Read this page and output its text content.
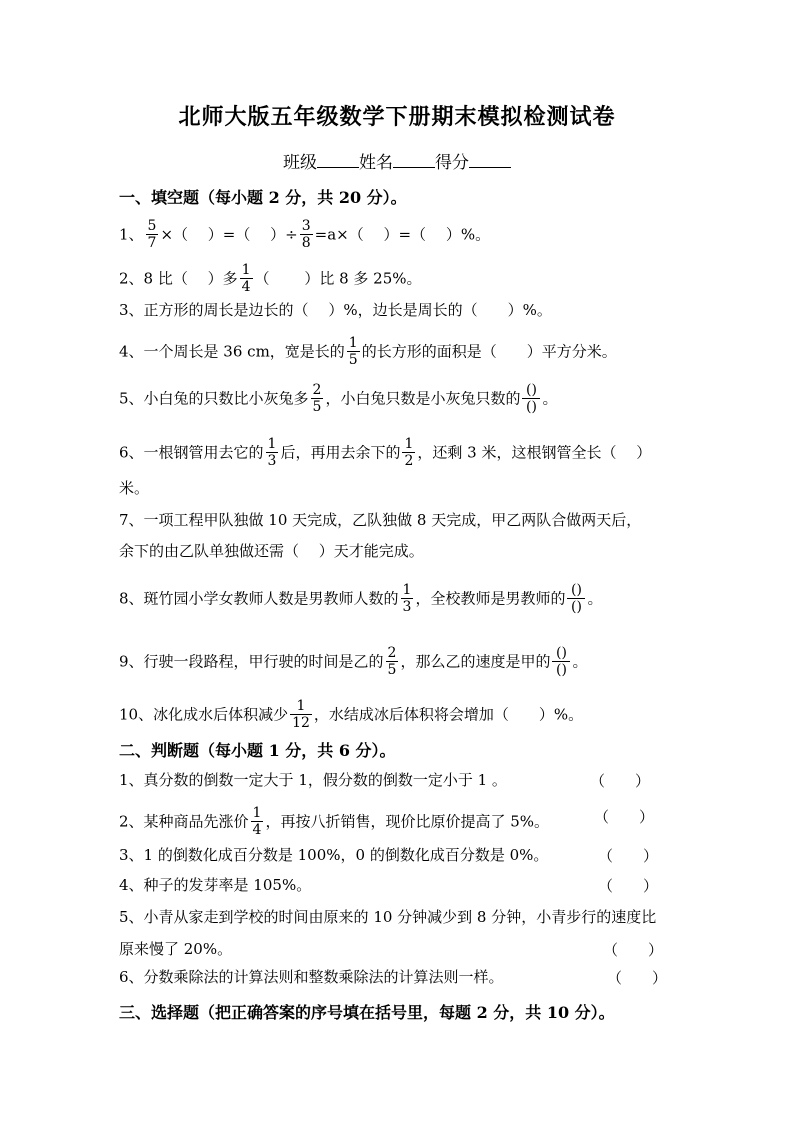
北师大版五年级数学下册期末模拟检测试卷
班级 姓名 得分
一、填空题（每小题 2 分，共 20 分）。
1、 $\frac{5}{7}$ ×（　 ）=（　 ）÷ $\frac{3}{8} =a\times$（　 ）=（　 ）%。
2、8 比（　 ）多 $\frac{1}{4}$ （　　 ）比 8 多 25%。
3、正方形的周长是边长的（　 ）%，边长是周长的（　　）%。
4、一个周长是 36 cm，宽是长的 $\frac{1}{5}$ 的长方形的面积是（　　）平方分米。
5、小白兔的只数比小灰兔多 $\frac{2}{5}$ ，小白兔只数是小灰兔只数的 $\frac{()}{()}$ 。
6、一根钢管用去它的 $\frac{1}{3}$ 后，再用去余下的 $\frac{1}{2}$ ，还剩 3 米，这根钢管全长（　 ）
米。
7、一项工程甲队独做 10 天完成，乙队独做 8 天完成，甲乙两队合做两天后，
余下的由乙队单独做还需（　 ）天才能完成。
8、斑竹园小学女教师人数是男教师人数的 $\frac{1}{3}$ ，全校教师是男教师的 $\frac{()}{()}$ 。
9、行驶一段路程，甲行驶的时间是乙的 $\frac{2}{5}$ ，那么乙的速度是甲的 $\frac{()}{()}$ 。
10、冰化成水后体积减少 $\frac{1}{12}$ ，水结成冰后体积将会增加（　　）%。
二、判断题（每小题 1 分，共 6 分）。
1、真分数的倒数一定大于 1，假分数的倒数一定小于 1 。	（　　）
2、某种商品先涨价 $\frac{1}{4}$ ，再按八折销售，现价比原价提高了 5%。	（　　）
3、1 的倒数化成百分数是 100%，0 的倒数化成百分数是 0%。	（　　）
4、种子的发芽率是 105%。	（　　）
5、小青从家走到学校的时间由原来的 10 分钟减少到 8 分钟，小青步行的速度比
原来慢了 20%。	（　　）
6、分数乘除法的计算法则和整数乘除法的计算法则一样。	（　　）
三、选择题（把正确答案的序号填在括号里，每题 2 分，共 10 分）。
